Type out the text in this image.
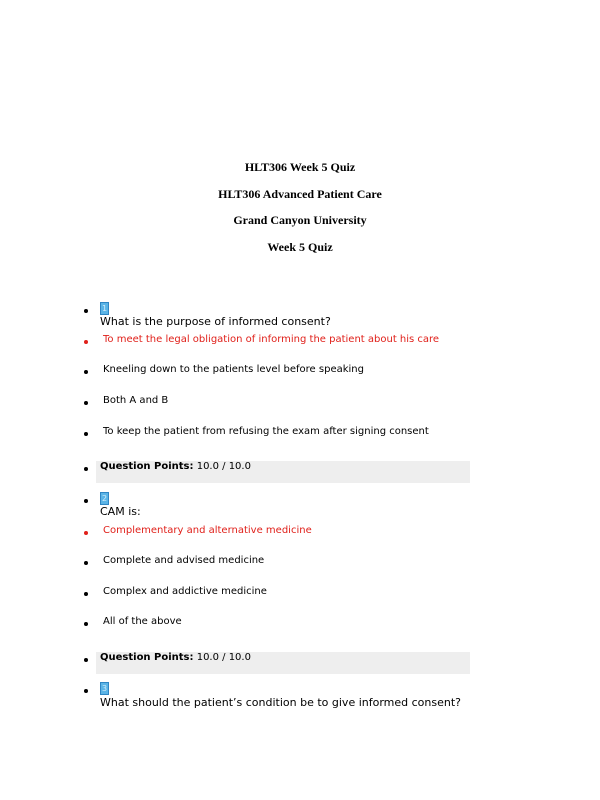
HLT306 Week 5 Quiz
HLT306 Advanced Patient Care
Grand Canyon University
Week 5 Quiz
1
What is the purpose of informed consent?
To meet the legal obligation of informing the patient about his care
Kneeling down to the patients level before speaking
Both A and B
To keep the patient from refusing the exam after signing consent
Question Points: 10.0 / 10.0
2
CAM is:
Complementary and alternative medicine
Complete and advised medicine
Complex and addictive medicine
All of the above
Question Points: 10.0 / 10.0
3
What should the patient’s condition be to give informed consent?
